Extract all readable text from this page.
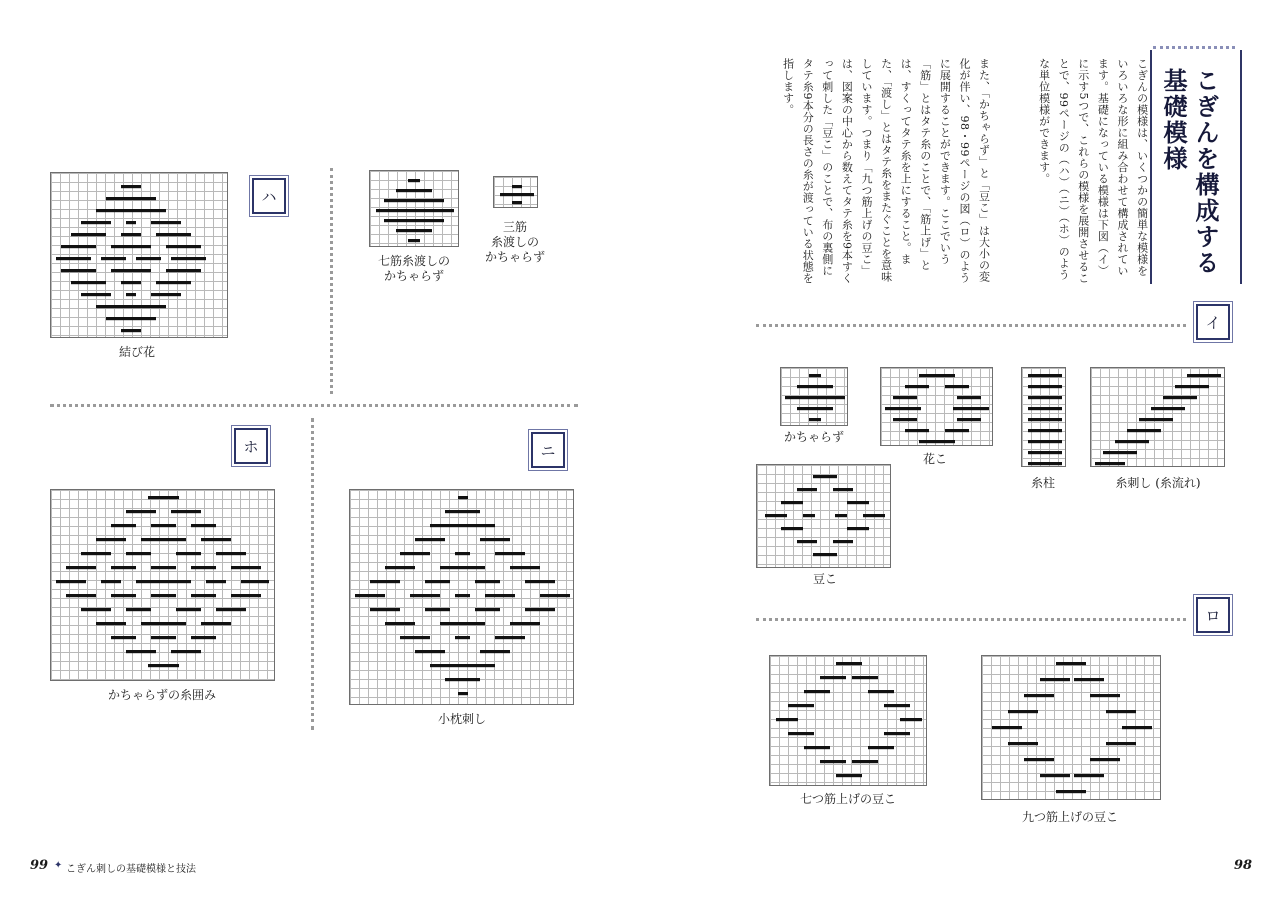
ハ
結び花
七筋糸渡しの
かちゃらず
三筋
糸渡しの
かちゃらず
ホ
かちゃらずの糸囲み
ニ
小枕刺し
99 ✦ こぎん刺しの基礎模様と技法
こぎんを構成する
基礎模様
こぎんの模様は、いくつかの簡単な模様をいろいろな形に組み合わせて構成されています。基礎になっている模様は下図（イ）に示す5つで、これらの模様を展開させることで、99ページの（ハ）（ニ）（ホ）のような単位模様ができます。
また、「かちゃらず」と「豆こ」は大小の変化が伴い、98・99ページの図（ロ）のように展開することができます。ここでいう「筋」とはタテ糸のことで、「筋上げ」とは、すくってタテ糸を上にすること。また、「渡し」とはタテ糸をまたぐことを意味しています。つまり「九つ筋上げの豆こ」は、図案の中心から数えてタテ糸を9本すくって刺した「豆こ」のことで、布の裏側にタテ糸9本分の長さの糸が渡っている状態を指します。
イ
かちゃらず
花こ
糸柱	糸刺し (糸流れ)
豆こ
ロ
七つ筋上げの豆こ
九つ筋上げの豆こ
98
